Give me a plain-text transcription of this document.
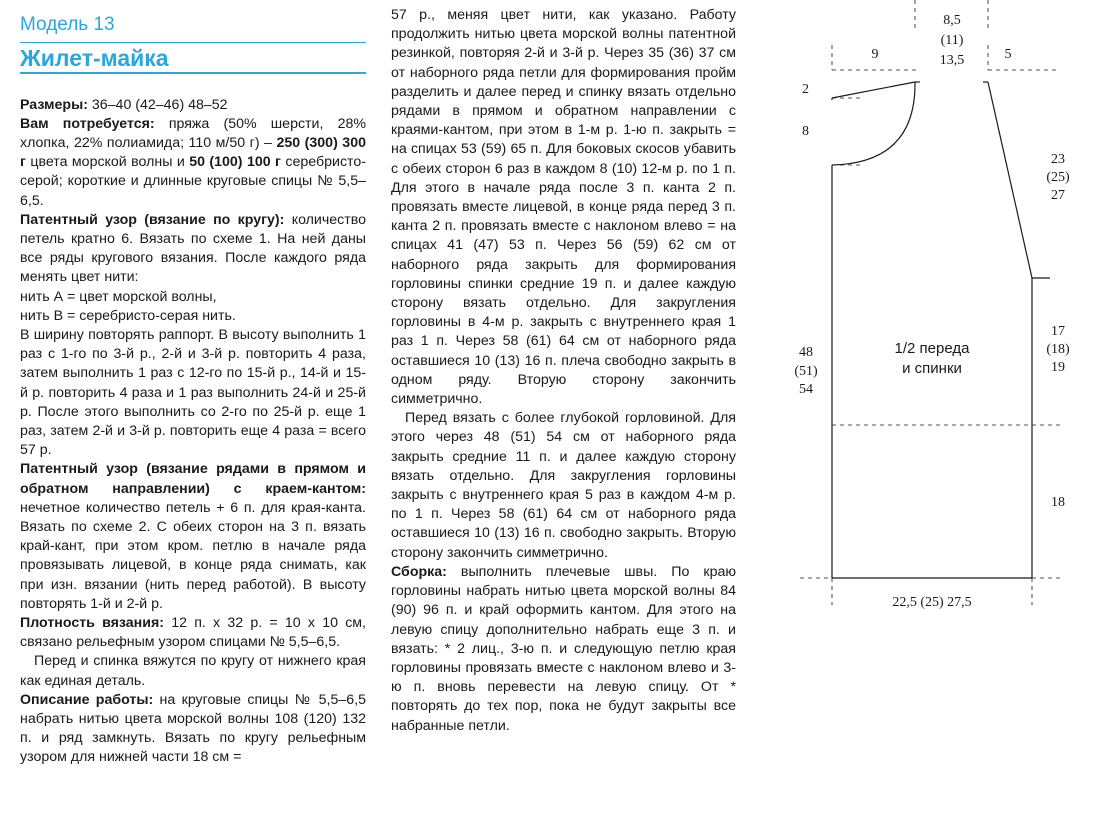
Модель 13
Жилет-майка

Размеры: 36–40 (42–46) 48–52

Вам потребуется: пряжа (50% шерсти, 28% хлопка, 22% полиамида; 110 м/50 г) – 250 (300) 300 г цвета морской волны и 50 (100) 100 г серебристо-серой; короткие и длинные круговые спицы № 5,5–6,5.

Патентный узор (вязание по кругу): количество петель кратно 6. Вязать по схеме 1. На ней даны все ряды кругового вязания. После каждого ряда менять цвет нити:

нить А = цвет морской волны,

нить В = серебристо-серая нить.

В ширину повторять раппорт. В высоту выполнить 1 раз с 1-го по 3-й р., 2-й и 3-й р. повторить 4 раза, затем выполнить 1 раз с 12-го по 15-й р., 14-й и 15-й р. повторить 4 раза и 1 раз выполнить 24-й и 25-й р. После этого выполнить со 2-го по 25-й р. еще 1 раз, затем 2-й и 3-й р. повторить еще 4 раза = всего 57 р.

Патентный узор (вязание рядами в прямом и обратном направлении) с краем-кантом: нечетное количество петель + 6 п. для края-канта. Вязать по схеме 2. С обеих сторон на 3 п. вязать край-кант, при этом кром. петлю в начале ряда провязывать лицевой, в конце ряда снимать, как при изн. вязании (нить перед работой). В высоту повторять 1-й и 2-й р.

Плотность вязания: 12 п. х 32 р. = 10 х 10 см, связано рельефным узором спицами № 5,5–6,5.

Перед и спинка вяжутся по кругу от нижнего края как единая деталь.

Описание работы: на круговые спицы № 5,5–6,5 набрать нитью цвета морской волны 108 (120) 132 п. и ряд замкнуть. Вязать по кругу рельефным узором для нижней части 18 см =

57 р., меняя цвет нити, как указано. Работу продолжить нитью цвета морской волны патентной резинкой, повторяя 2-й и 3-й р. Через 35 (36) 37 см от наборного ряда петли для формирования пройм разделить и далее перед и спинку вязать отдельно рядами в прямом и обратном направлении с краями-кантом, при этом в 1-м р. 1-ю п. закрыть = на спицах 53 (59) 65 п. Для боковых скосов убавить с обеих сторон 6 раз в каждом 8 (10) 12-м р. по 1 п. Для этого в начале ряда после 3 п. канта 2 п. провязать вместе лицевой, в конце ряда перед 3 п. канта 2 п. провязать вместе с наклоном влево = на спицах 41 (47) 53 п. Через 56 (59) 62 см от наборного ряда закрыть для формирования горловины спинки средние 19 п. и далее каждую сторону вязать отдельно. Для закругления горловины в 4-м р. закрыть с внутреннего края 1 раз 1 п. Через 58 (61) 64 см от наборного ряда оставшиеся 10 (13) 16 п. плеча свободно закрыть в одном ряду. Вторую сторону закончить симметрично.

Перед вязать с более глубокой горловиной. Для этого через 48 (51) 54 см от наборного ряда закрыть средние 11 п. и далее каждую сторону вязать отдельно. Для закругления горловины закрыть с внутреннего края 5 раз в каждом 4-м р. по 1 п. Через 58 (61) 64 см от наборного ряда оставшиеся 10 (13) 16 п. свободно закрыть. Вторую сторону закончить симметрично.

Сборка: выполнить плечевые швы. По краю горловины набрать нитью цвета морской волны 84 (90) 96 п. и край оформить кантом. Для этого на левую спицу дополнительно набрать еще 3 п. и вязать: * 2 лиц., 3-ю п. и следующую петлю края горловины провязать вместе с наклоном влево и 3-ю п. вновь перевести на левую спицу. От * повторять до тех пор, пока не будут закрыты все набранные петли.

8,5
(11)
13,5
9	5
2
8
23
(25)
27
17
(18)
19
48
(51)
54
18
22,5 (25) 27,5
1/2 переда
и спинки
